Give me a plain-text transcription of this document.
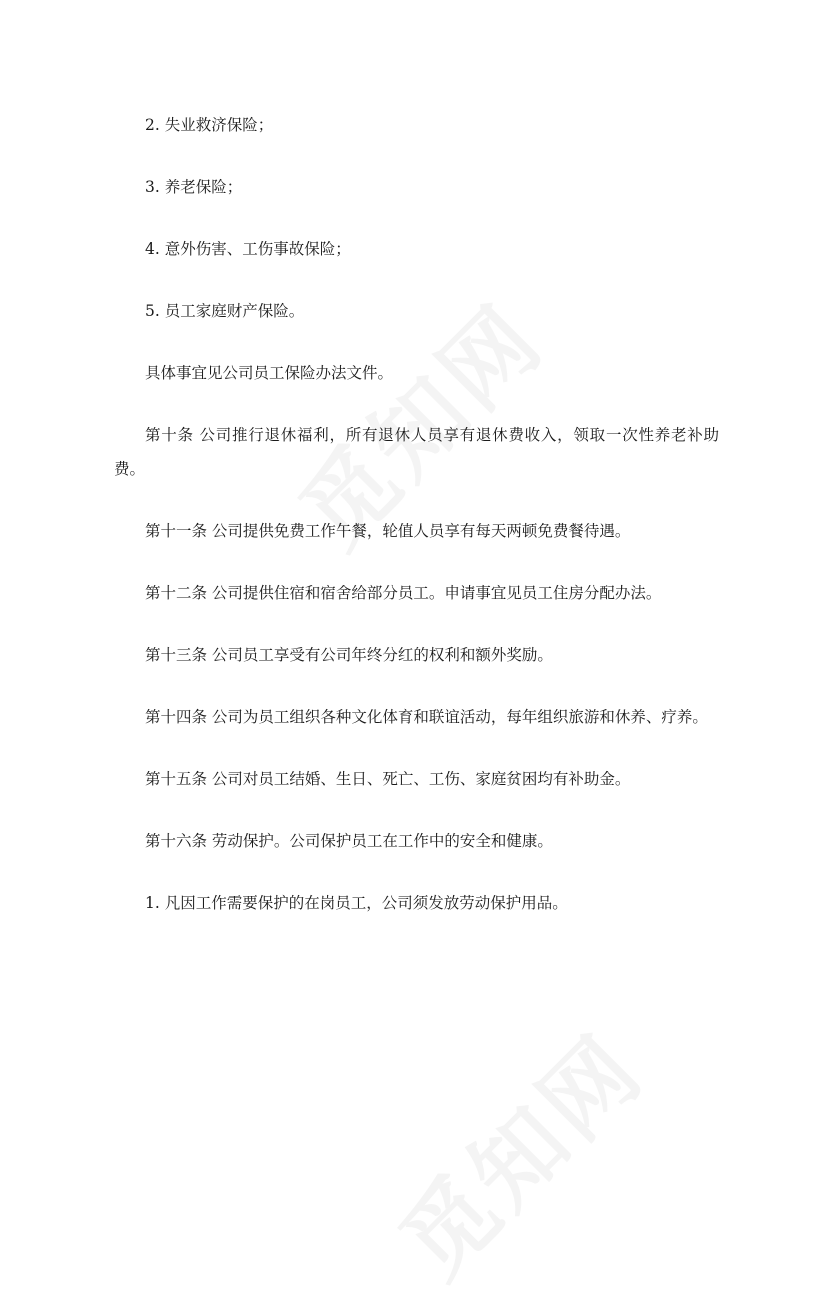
2. 失业救济保险；

3. 养老保险；

4. 意外伤害、工伤事故保险；

5. 员工家庭财产保险。

具体事宜见公司员工保险办法文件。

第十条 公司推行退休福利，所有退休人员享有退休费收入，领取一次性养老补助费。

第十一条 公司提供免费工作午餐，轮值人员享有每天两顿免费餐待遇。

第十二条 公司提供住宿和宿舍给部分员工。申请事宜见员工住房分配办法。

第十三条 公司员工享受有公司年终分红的权利和额外奖励。

第十四条 公司为员工组织各种文化体育和联谊活动，每年组织旅游和休养、疗养。

第十五条 公司对员工结婚、生日、死亡、工伤、家庭贫困均有补助金。

第十六条 劳动保护。公司保护员工在工作中的安全和健康。

1. 凡因工作需要保护的在岗员工，公司须发放劳动保护用品。
